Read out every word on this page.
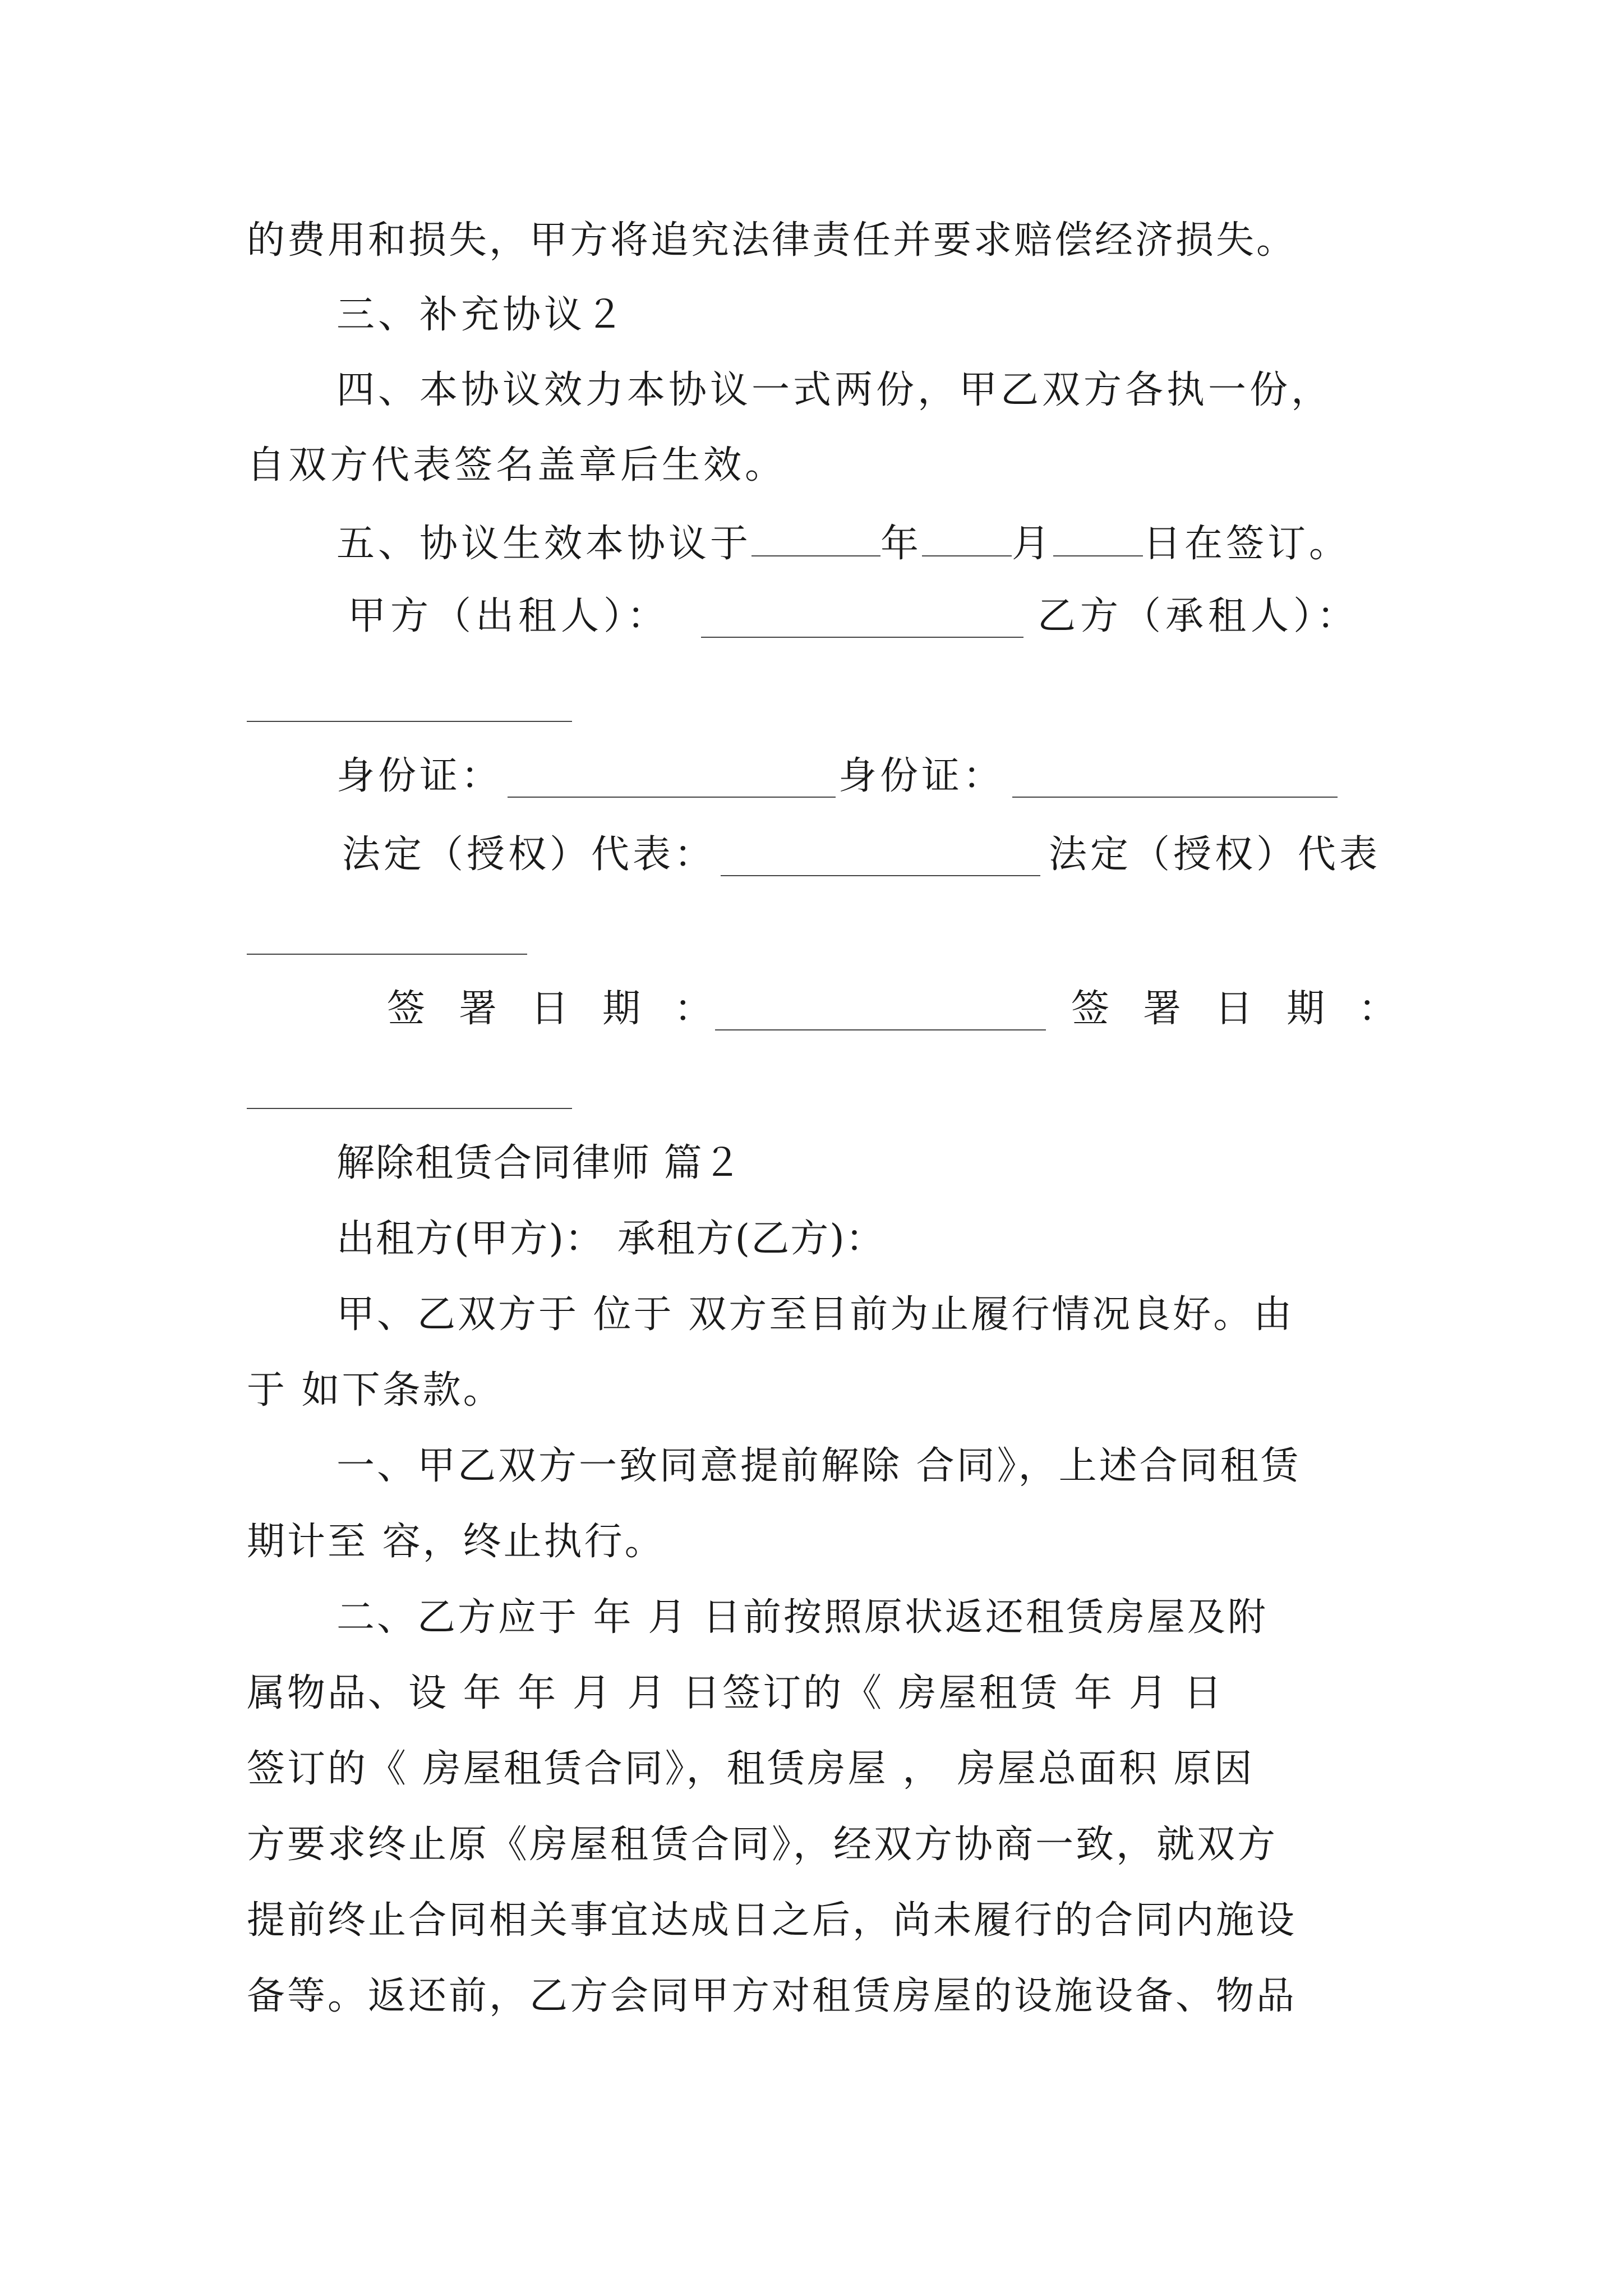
的费用和损失，甲方将追究法律责任并要求赔偿经济损失。
三、补充协议２
四、本协议效力本协议一式两份，甲乙双方各执一份，
自双方代表签名盖章后生效。
五、协议生效本协议于	年 月 日在签订。
甲方（出租人）：	乙方（承租人）：
身份证：	身份证：
法定（授权）代表：	法定（授权）代表
签署日期：	签署日期：
解除租赁合同律师 篇２
出租方(甲方)： 承租方(乙方)：
甲、乙双方于 位于 双方至目前为止履行情况良好。由
于 如下条款。
一、甲乙双方一致同意提前解除 合同》，上述合同租赁
期计至 容，终止执行。
二、乙方应于 年 月 日前按照原状返还租赁房屋及附
属物品、设 年 年 月 月 日签订的《 房屋租赁 年 月 日
签订的《 房屋租赁合同》，租赁房屋 ， 房屋总面积 原因
方要求终止原《房屋租赁合同》，经双方协商一致，就双方
提前终止合同相关事宜达成日之后，尚未履行的合同内施设
备等。返还前，乙方会同甲方对租赁房屋的设施设备、物品
